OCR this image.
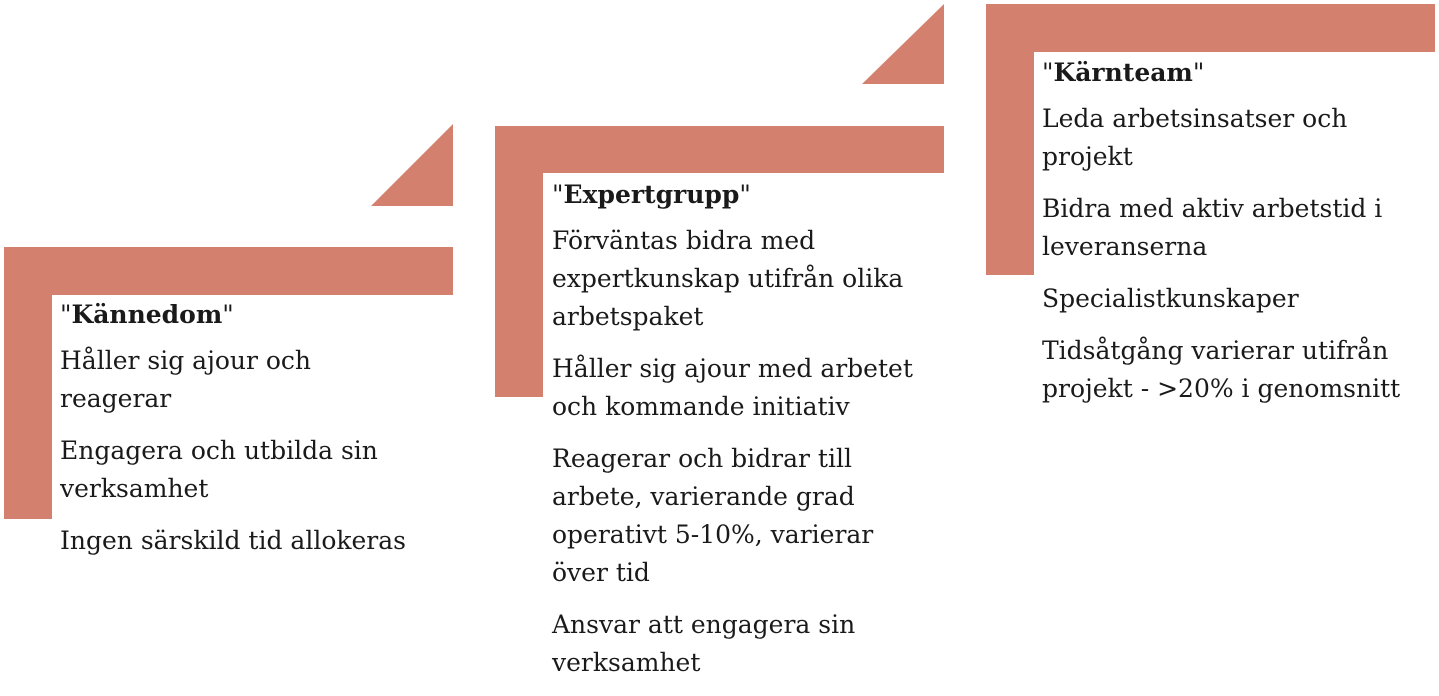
"Kännedom"
Håller sig ajour och reagerar
Engagera och utbilda sin verksamhet
Ingen särskild tid allokeras
"Expertgrupp"
Förväntas bidra med expertkunskap utifrån olika arbetspaket
Håller sig ajour med arbetet och kommande initiativ
Reagerar och bidrar till arbete, varierande grad operativt 5-10%, varierar över tid
Ansvar att engagera sin verksamhet
"Kärnteam"
Leda arbetsinsatser och projekt
Bidra med aktiv arbetstid i leveranserna
Specialistkunskaper
Tidsåtgång varierar utifrån projekt - >20% i genomsnitt
